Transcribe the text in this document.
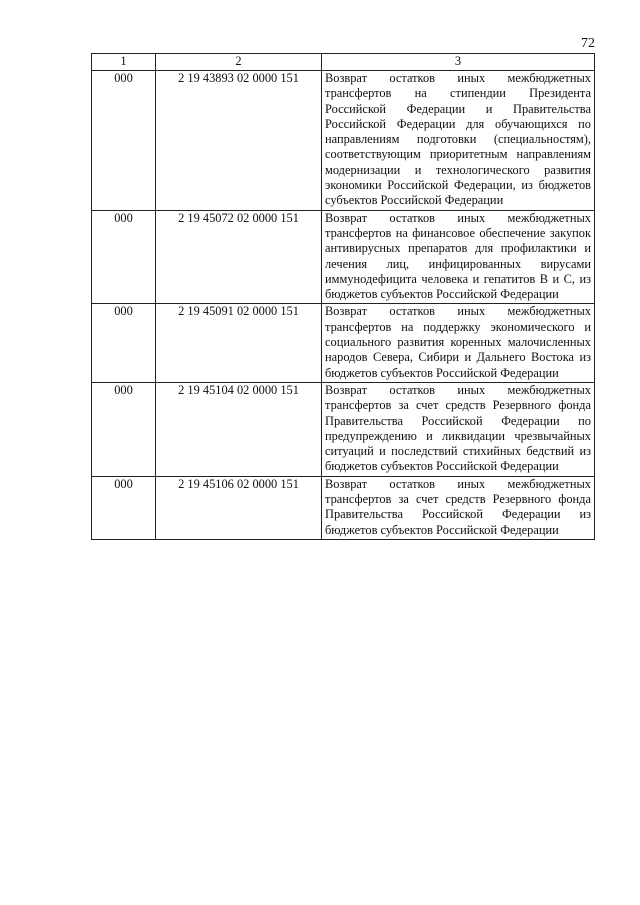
72
1	2	3
000	2 19 43893 02 0000 151	Возврат остатков иных межбюджетных трансфертов на стипендии Президента Российской Федерации и Правительства Российской Федерации для обучающихся по направлениям подготовки (специальностям), соответствующим приоритетным направлениям модернизации и технологического развития экономики Российской Федерации, из бюджетов субъектов Российской Федерации
000	2 19 45072 02 0000 151	Возврат остатков иных межбюджетных трансфертов на финансовое обеспечение закупок антивирусных препаратов для профилактики и лечения лиц, инфицированных вирусами иммунодефицита человека и гепатитов B и C, из бюджетов субъектов Российской Федерации
000	2 19 45091 02 0000 151	Возврат остатков иных межбюджетных трансфертов на поддержку экономического и социального развития коренных малочисленных народов Севера, Сибири и Дальнего Востока из бюджетов субъектов Российской Федерации
000	2 19 45104 02 0000 151	Возврат остатков иных межбюджетных трансфертов за счет средств Резервного фонда Правительства Российской Федерации по предупреждению и ликвидации чрезвычайных ситуаций и последствий стихийных бедствий из бюджетов субъектов Российской Федерации
000	2 19 45106 02 0000 151	Возврат остатков иных межбюджетных трансфертов за счет средств Резервного фонда Правительства Российской Федерации из бюджетов субъектов Российской Федерации
